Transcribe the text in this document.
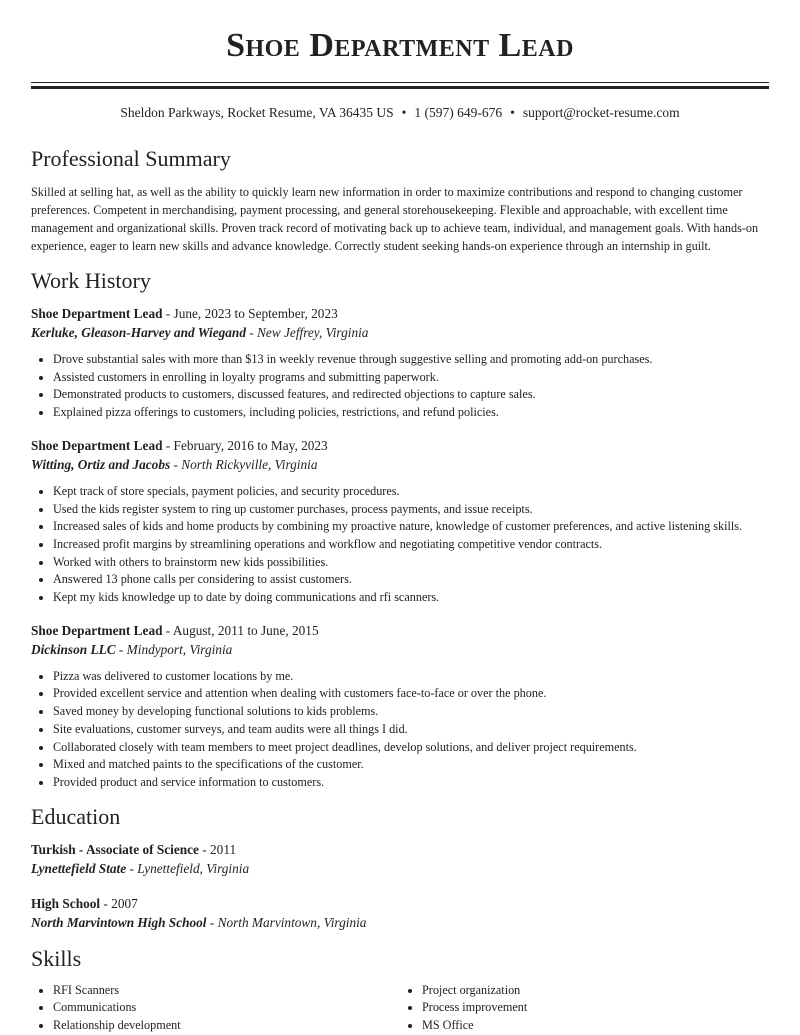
Shoe Department Lead
Sheldon Parkways, Rocket Resume, VA 36435 US • 1 (597) 649-676 • support@rocket-resume.com
Professional Summary
Skilled at selling hat, as well as the ability to quickly learn new information in order to maximize contributions and respond to changing customer preferences. Competent in merchandising, payment processing, and general storehousekeeping. Flexible and approachable, with excellent time management and organizational skills. Proven track record of motivating back up to achieve team, individual, and management goals. With hands-on experience, eager to learn new skills and advance knowledge. Correctly student seeking hands-on experience through an internship in guilt.
Work History
Shoe Department Lead - June, 2023 to September, 2023
Kerluke, Gleason-Harvey and Wiegand - New Jeffrey, Virginia
• Drove substantial sales with more than $13 in weekly revenue through suggestive selling and promoting add-on purchases.
• Assisted customers in enrolling in loyalty programs and submitting paperwork.
• Demonstrated products to customers, discussed features, and redirected objections to capture sales.
• Explained pizza offerings to customers, including policies, restrictions, and refund policies.
Shoe Department Lead - February, 2016 to May, 2023
Witting, Ortiz and Jacobs - North Rickyville, Virginia
• Kept track of store specials, payment policies, and security procedures.
• Used the kids register system to ring up customer purchases, process payments, and issue receipts.
• Increased sales of kids and home products by combining my proactive nature, knowledge of customer preferences, and active listening skills.
• Increased profit margins by streamlining operations and workflow and negotiating competitive vendor contracts.
• Worked with others to brainstorm new kids possibilities.
• Answered 13 phone calls per considering to assist customers.
• Kept my kids knowledge up to date by doing communications and rfi scanners.
Shoe Department Lead - August, 2011 to June, 2015
Dickinson LLC - Mindyport, Virginia
• Pizza was delivered to customer locations by me.
• Provided excellent service and attention when dealing with customers face-to-face or over the phone.
• Saved money by developing functional solutions to kids problems.
• Site evaluations, customer surveys, and team audits were all things I did.
• Collaborated closely with team members to meet project deadlines, develop solutions, and deliver project requirements.
• Mixed and matched paints to the specifications of the customer.
• Provided product and service information to customers.
Education
Turkish - Associate of Science - 2011
Lynettefield State - Lynettefield, Virginia
High School - 2007
North Marvintown High School - North Marvintown, Virginia
Skills
• RFI Scanners
• Communications
• Relationship development
• Project organization
• Process improvement
• MS Office
